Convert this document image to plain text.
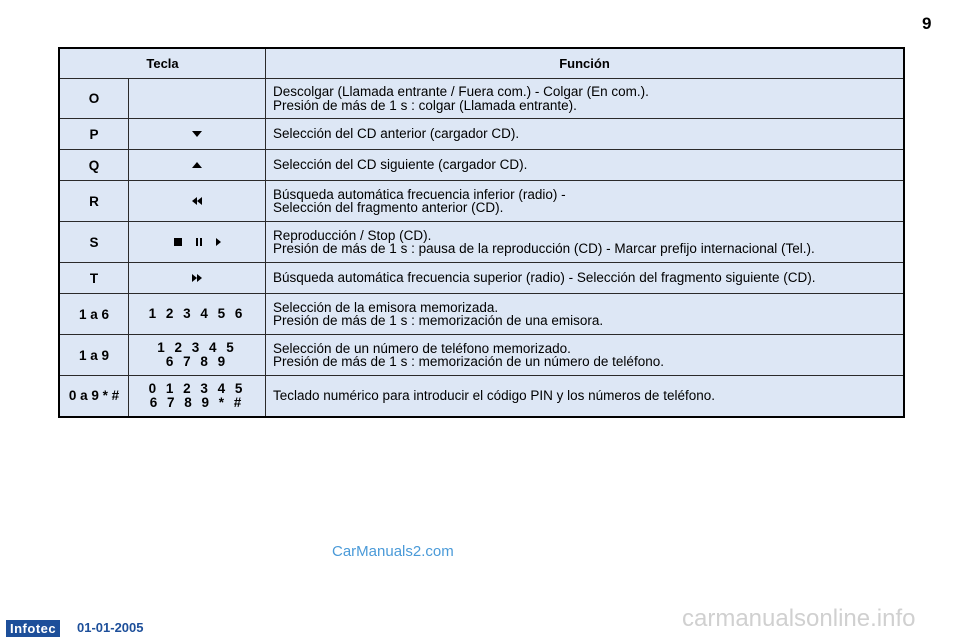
9
Tecla		Función
O		Descolgar (Llamada entrante / Fuera com.) - Colgar (En com.).
Presión de más de 1 s : colgar (Llamada entrante).

P		Selección del CD anterior (cargador CD).

Q		Selección del CD siguiente (cargador CD).

R		Búsqueda automática frecuencia inferior (radio) -
Selección del fragmento anterior (CD).

S		Reproducción / Stop (CD).
Presión de más de 1 s : pausa de la reproducción (CD) - Marcar prefijo internacional (Tel.).

T		Búsqueda automática frecuencia superior (radio) - Selección del fragmento siguiente (CD).

1 a 6	1 2 3 4 5 6	Selección de la emisora memorizada.
Presión de más de 1 s : memorización de una emisora.

1 a 9	1 2 3 4 5
6 7 8 9	Selección de un número de teléfono memorizado.
Presión de más de 1 s : memorización de un número de teléfono.

0 a 9 * #	0 1 2 3 4 5
6 7 8 9 * #	Teclado numérico para introducir el código PIN y los números de teléfono.
CarManuals2.com
Infotec	01-01-2005	carmanualsonline.info
